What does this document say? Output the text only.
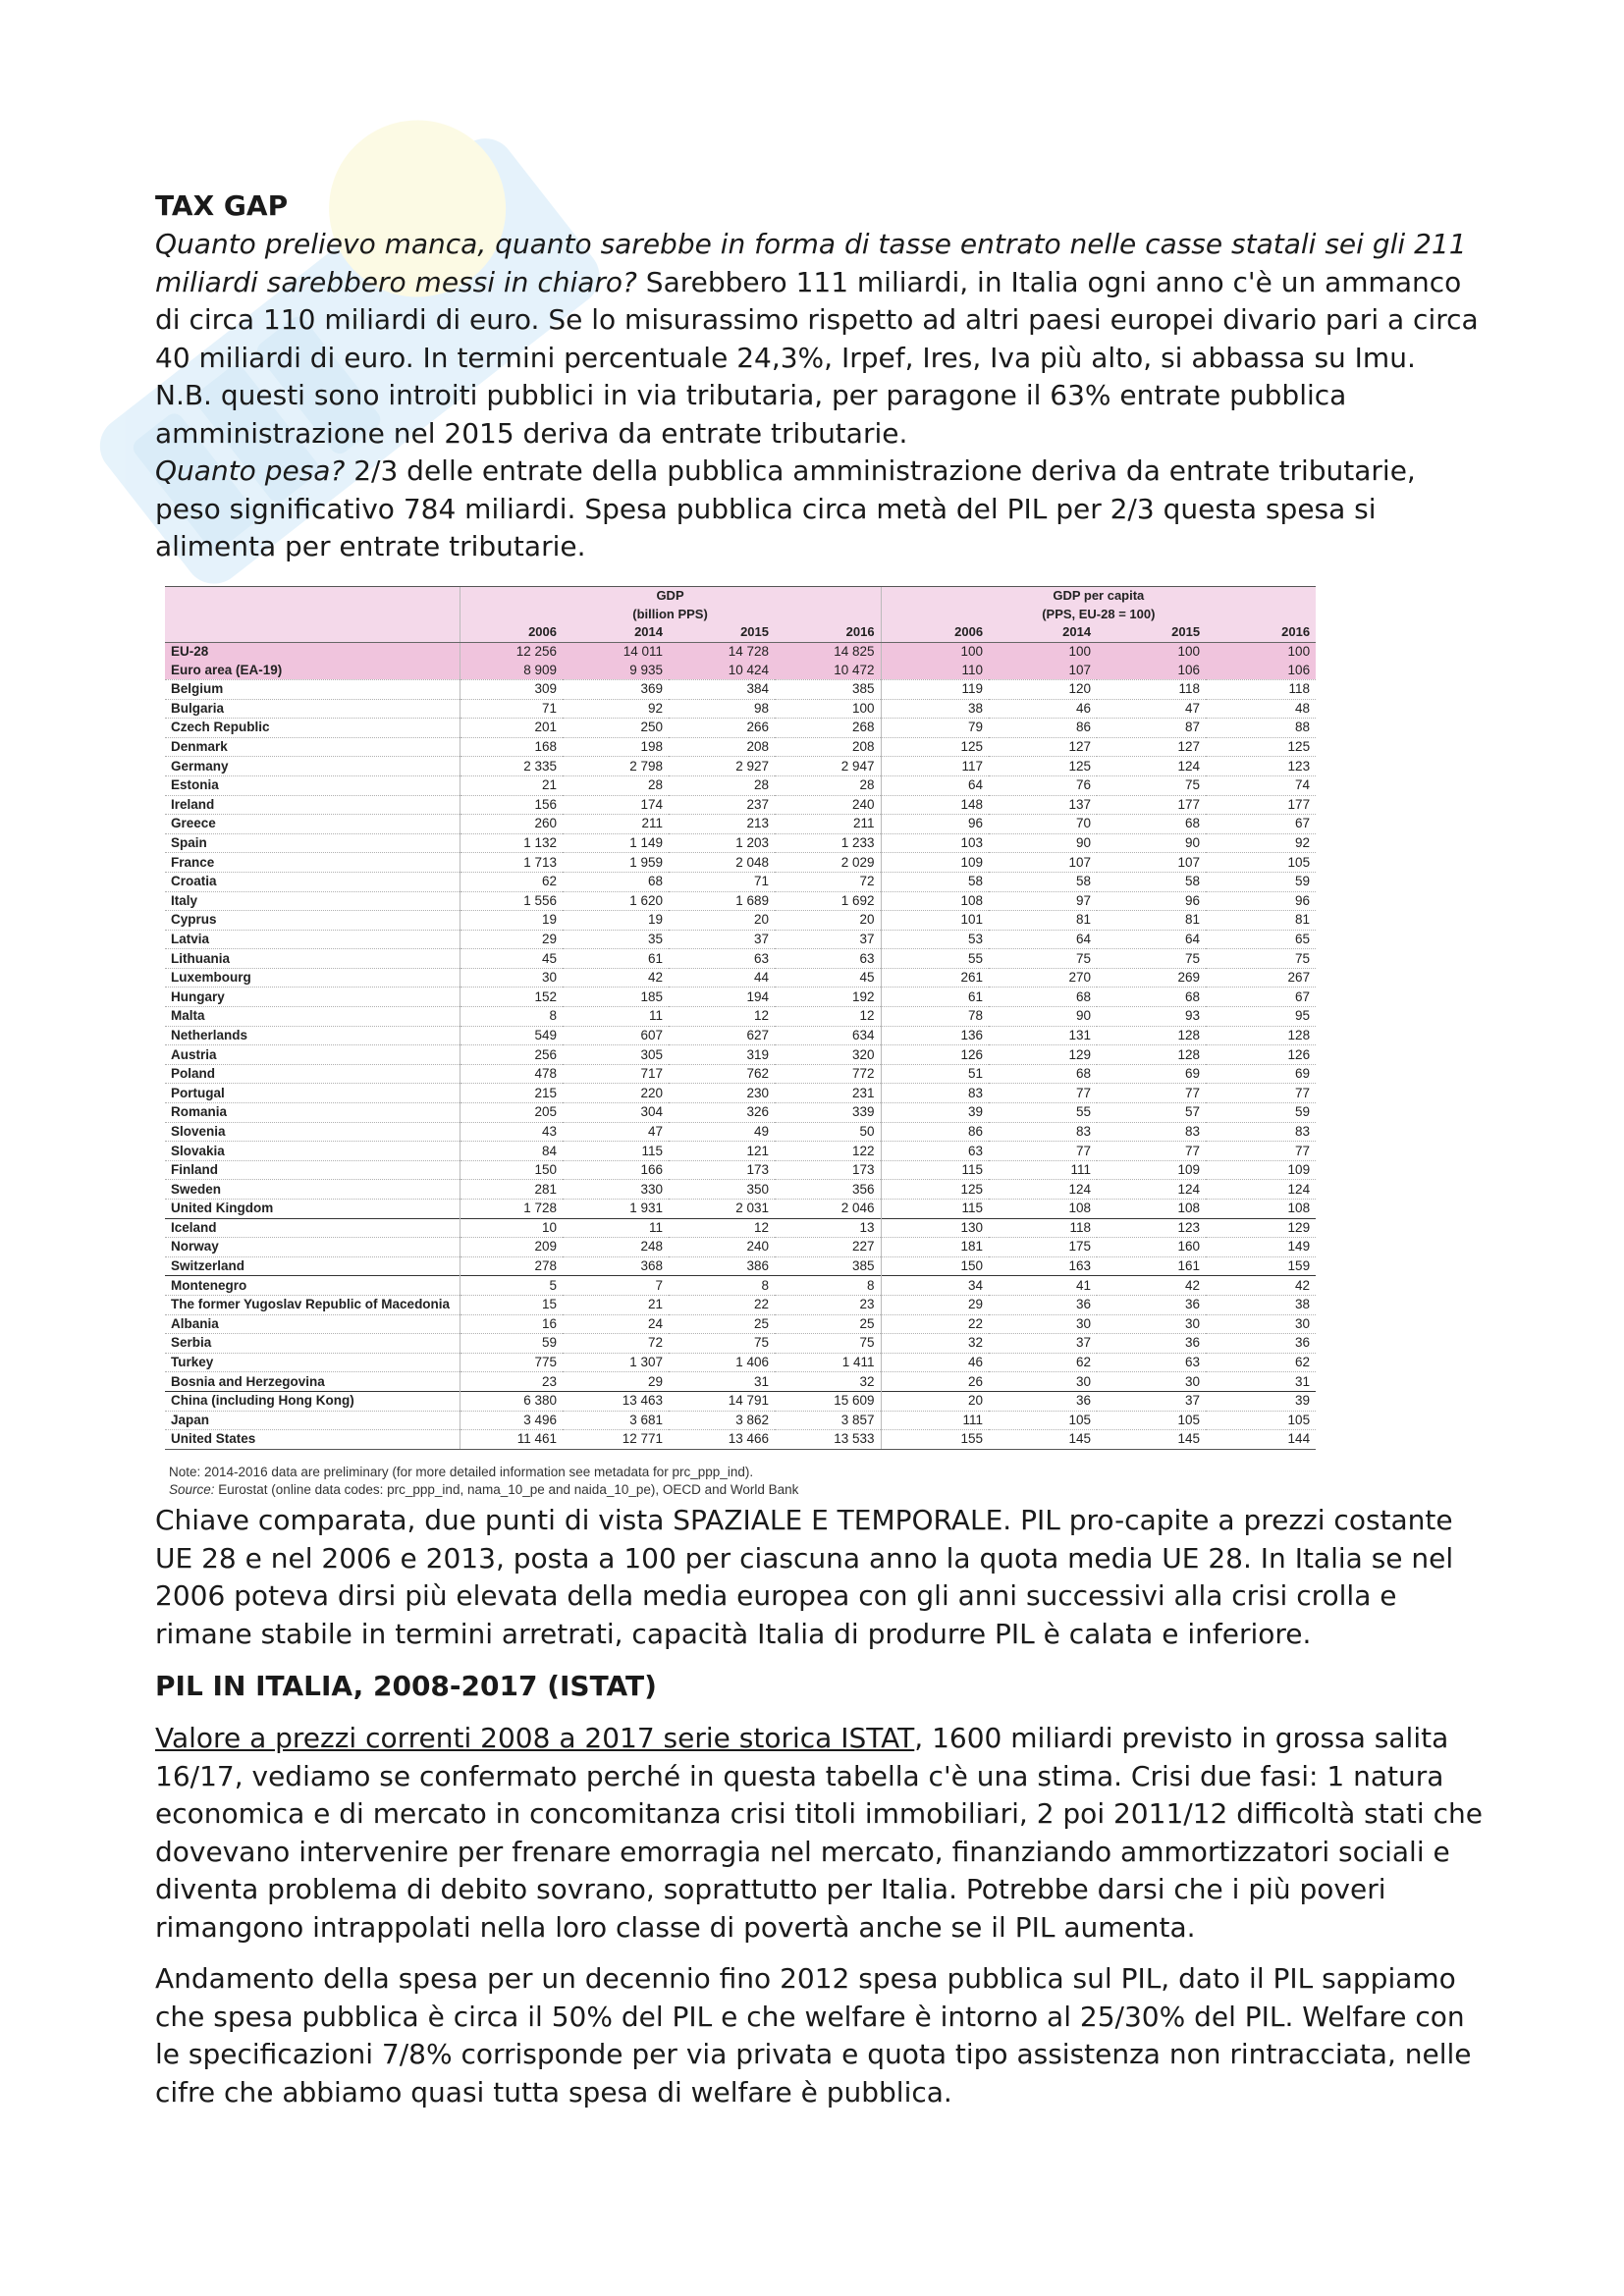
TAX GAP

Quanto prelievo manca, quanto sarebbe in forma di tasse entrato nelle casse statali sei gli 211 miliardi sarebbero messi in chiaro? Sarebbero 111 miliardi, in Italia ogni anno c'è un ammanco di circa 110 miliardi di euro. Se lo misurassimo rispetto ad altri paesi europei divario pari a circa 40 miliardi di euro. In termini percentuale 24,3%, Irpef, Ires, Iva più alto, si abbassa su Imu.

N.B. questi sono introiti pubblici in via tributaria, per paragone il 63% entrate pubblica amministrazione nel 2015 deriva da entrate tributarie.

Quanto pesa? 2/3 delle entrate della pubblica amministrazione deriva da entrate tributarie, peso significativo 784 miliardi. Spesa pubblica circa metà del PIL per 2/3 questa spesa si alimenta per entrate tributarie.

	GDP				GDP per capita			
	(billion PPS)				(PPS, EU-28 = 100)			
	2006	2014	2015	2016	2006	2014	2015	2016
EU-28	12 256	14 011	14 728	14 825	100	100	100	100
Euro area (EA-19)	8 909	9 935	10 424	10 472	110	107	106	106
Belgium	309	369	384	385	119	120	118	118
Bulgaria	71	92	98	100	38	46	47	48
Czech Republic	201	250	266	268	79	86	87	88
Denmark	168	198	208	208	125	127	127	125
Germany	2 335	2 798	2 927	2 947	117	125	124	123
Estonia	21	28	28	28	64	76	75	74
Ireland	156	174	237	240	148	137	177	177
Greece	260	211	213	211	96	70	68	67
Spain	1 132	1 149	1 203	1 233	103	90	90	92
France	1 713	1 959	2 048	2 029	109	107	107	105
Croatia	62	68	71	72	58	58	58	59
Italy	1 556	1 620	1 689	1 692	108	97	96	96
Cyprus	19	19	20	20	101	81	81	81
Latvia	29	35	37	37	53	64	64	65
Lithuania	45	61	63	63	55	75	75	75
Luxembourg	30	42	44	45	261	270	269	267
Hungary	152	185	194	192	61	68	68	67
Malta	8	11	12	12	78	90	93	95
Netherlands	549	607	627	634	136	131	128	128
Austria	256	305	319	320	126	129	128	126
Poland	478	717	762	772	51	68	69	69
Portugal	215	220	230	231	83	77	77	77
Romania	205	304	326	339	39	55	57	59
Slovenia	43	47	49	50	86	83	83	83
Slovakia	84	115	121	122	63	77	77	77
Finland	150	166	173	173	115	111	109	109
Sweden	281	330	350	356	125	124	124	124
United Kingdom	1 728	1 931	2 031	2 046	115	108	108	108
Iceland	10	11	12	13	130	118	123	129
Norway	209	248	240	227	181	175	160	149
Switzerland	278	368	386	385	150	163	161	159
Montenegro	5	7	8	8	34	41	42	42
The former Yugoslav Republic of Macedonia	15	21	22	23	29	36	36	38
Albania	16	24	25	25	22	30	30	30
Serbia	59	72	75	75	32	37	36	36
Turkey	775	1 307	1 406	1 411	46	62	63	62
Bosnia and Herzegovina	23	29	31	32	26	30	30	31
China (including Hong Kong)	6 380	13 463	14 791	15 609	20	36	37	39
Japan	3 496	3 681	3 862	3 857	111	105	105	105
United States	11 461	12 771	13 466	13 533	155	145	145	144
Note: 2014-2016 data are preliminary (for more detailed information see metadata for prc_ppp_ind).
Source: Eurostat (online data codes: prc_ppp_ind, nama_10_pe and naida_10_pe), OECD and World Bank

Chiave comparata, due punti di vista SPAZIALE E TEMPORALE. PIL pro-capite a prezzi costante UE 28 e nel 2006 e 2013, posta a 100 per ciascuna anno la quota media UE 28. In Italia se nel 2006 poteva dirsi più elevata della media europea con gli anni successivi alla crisi crolla e rimane stabile in termini arretrati, capacità Italia di produrre PIL è calata e inferiore.

PIL IN ITALIA, 2008-2017 (ISTAT)

Valore a prezzi correnti 2008 a 2017 serie storica ISTAT, 1600 miliardi previsto in grossa salita 16/17, vediamo se confermato perché in questa tabella c'è una stima. Crisi due fasi: 1 natura economica e di mercato in concomitanza crisi titoli immobiliari, 2 poi 2011/12 difficoltà stati che dovevano intervenire per frenare emorragia nel mercato, finanziando ammortizzatori sociali e diventa problema di debito sovrano, soprattutto per Italia. Potrebbe darsi che i più poveri rimangono intrappolati nella loro classe di povertà anche se il PIL aumenta.

Andamento della spesa per un decennio fino 2012 spesa pubblica sul PIL, dato il PIL sappiamo che spesa pubblica è circa il 50% del PIL e che welfare è intorno al 25/30% del PIL. Welfare con le specificazioni 7/8% corrisponde per via privata e quota tipo assistenza non rintracciata, nelle cifre che abbiamo quasi tutta spesa di welfare è pubblica.
